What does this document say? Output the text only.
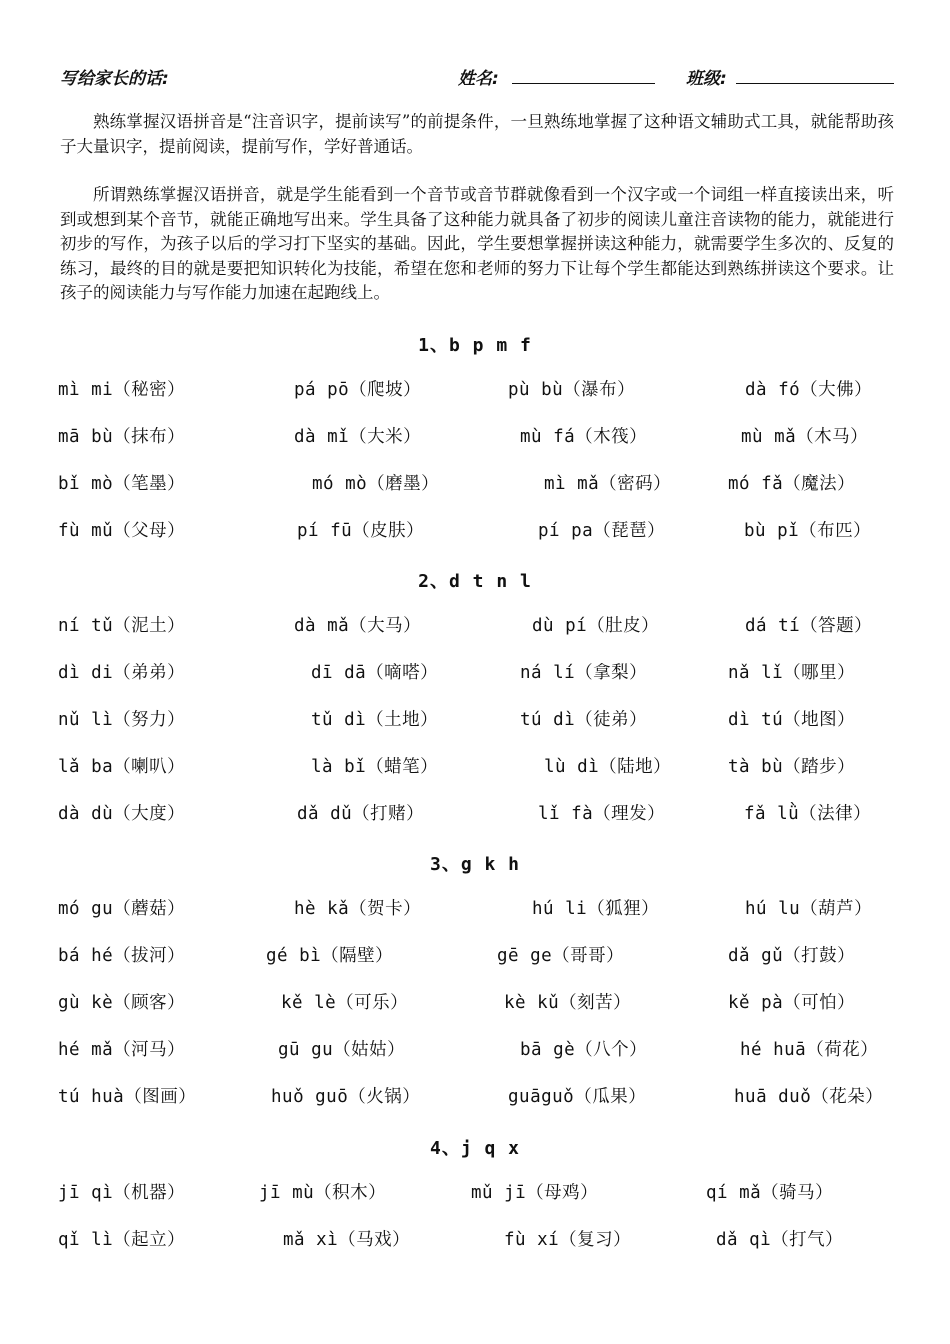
写给家长的话:	姓名:	班级:

熟练掌握汉语拼音是“注音识字，提前读写”的前提条件，一旦熟练地掌握了这种语文辅助式工具，就能帮助孩子大量识字，提前阅读，提前写作，学好普通话。

所谓熟练掌握汉语拼音，就是学生能看到一个音节或音节群就像看到一个汉字或一个词组一样直接读出来，听到或想到某个音节，就能正确地写出来。学生具备了这种能力就具备了初步的阅读儿童注音读物的能力，就能进行初步的写作，为孩子以后的学习打下坚实的基础。因此，学生要想掌握拼读这种能力，就需要学生多次的、反复的练习，最终的目的就是要把知识转化为技能，希望在您和老师的努力下让每个学生都能达到熟练拼读这个要求。让孩子的阅读能力与写作能力加速在起跑线上。

1、b p m f
mì mi（秘密）	pá pō（爬坡）	pù bù（瀑布）	dà fó（大佛）
mā bù（抹布）	dà mǐ（大米）	mù fá（木筏）	mù mǎ（木马）
bǐ mò（笔墨）	mó mò（磨墨）	mì mǎ（密码）	mó fǎ（魔法）
fù mǔ（父母）	pí fū（皮肤）	pí pa（琵琶）	bù pǐ（布匹）
2、d t n l
ní tǔ（泥土）	dà mǎ（大马）	dù pí（肚皮）	dá tí（答题）
dì di（弟弟）	dī dā（嘀嗒）	ná lí（拿梨）	nǎ lǐ（哪里）
nǔ lì（努力）	tǔ dì（土地）	tú dì（徒弟）	dì tú（地图）
lǎ ba（喇叭）	là bǐ（蜡笔）	lù dì（陆地）	tà bù（踏步）
dà dù（大度）	dǎ dǔ（打赌）	lǐ fà（理发）	fǎ lǜ（法律）
3、g k h
mó gu（蘑菇）	hè kǎ（贺卡）	hú li（狐狸）	hú lu（葫芦）
bá hé（拔河）	gé bì（隔壁）	gē ge（哥哥）	dǎ gǔ（打鼓）
gù kè（顾客）	kě lè（可乐）	kè kǔ（刻苦）	kě pà（可怕）
hé mǎ（河马）	gū gu（姑姑）	bā gè（八个）	hé huā（荷花）
tú huà（图画）	huǒ guō（火锅）	guāguǒ（瓜果）	huā duǒ（花朵）
4、j q x
jī qì（机器）	jī mù（积木）	mǔ jī（母鸡）	qí mǎ（骑马）
qǐ lì（起立）	mǎ xì（马戏）	fù xí（复习）	dǎ qì（打气）
